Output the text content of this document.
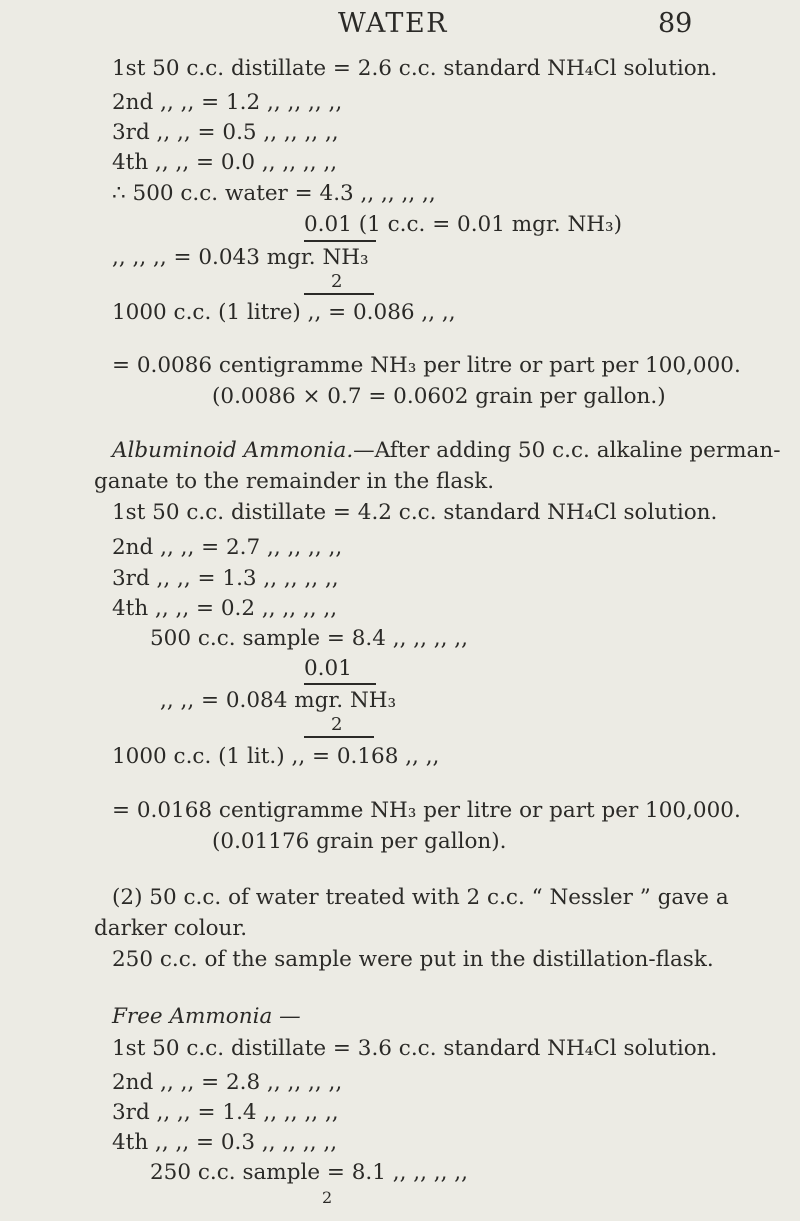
WATER	89
1st 50 c.c. distillate = 2.6 c.c. standard NH₄Cl solution.
2nd ,, ,, = 1.2 ,, ,, ,, ,,
3rd ,, ,, = 0.5 ,, ,, ,, ,,
4th ,, ,, = 0.0 ,, ,, ,, ,,
∴ 500 c.c. water = 4.3 ,, ,, ,, ,,
0.01 (1 c.c. = 0.01 mgr. NH₃)
,, ,, ,, = 0.043 mgr. NH₃
2
1000 c.c. (1 litre) ,, = 0.086 ,, ,,
= 0.0086 centigramme NH₃ per litre or part per 100,000.
(0.0086 × 0.7 = 0.0602 grain per gallon.)
Albuminoid Ammonia.—After adding 50 c.c. alkaline perman-
ganate to the remainder in the flask.
1st 50 c.c. distillate = 4.2 c.c. standard NH₄Cl solution.
2nd ,, ,, = 2.7 ,, ,, ,, ,,
3rd ,, ,, = 1.3 ,, ,, ,, ,,
4th ,, ,, = 0.2 ,, ,, ,, ,,
500 c.c. sample = 8.4 ,, ,, ,, ,,
0.01
,, ,, = 0.084 mgr. NH₃
2
1000 c.c. (1 lit.) ,, = 0.168 ,, ,,
= 0.0168 centigramme NH₃ per litre or part per 100,000.
(0.01176 grain per gallon).
(2) 50 c.c. of water treated with 2 c.c. “ Nessler ” gave a
darker colour.
250 c.c. of the sample were put in the distillation-flask.
Free Ammonia —
1st 50 c.c. distillate = 3.6 c.c. standard NH₄Cl solution.
2nd ,, ,, = 2.8 ,, ,, ,, ,,
3rd ,, ,, = 1.4 ,, ,, ,, ,,
4th ,, ,, = 0.3 ,, ,, ,, ,,
250 c.c. sample = 8.1 ,, ,, ,, ,,
2
